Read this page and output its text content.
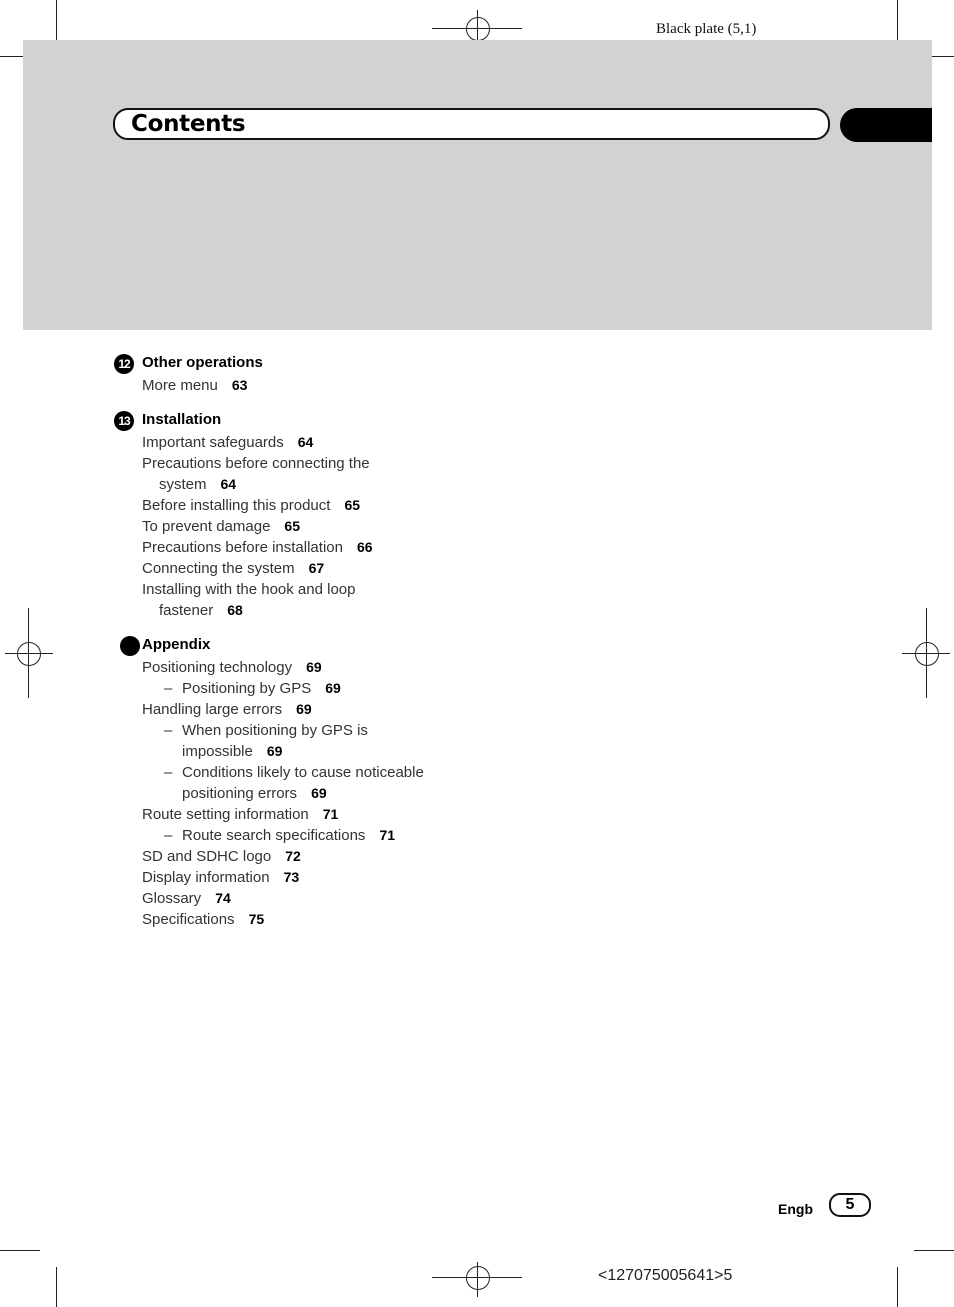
Black plate (5,1)
Contents
12 Other operations
More menu 63
13 Installation
Important safeguards 64
Precautions before connecting the
system 64
Before installing this product 65
To prevent damage 65
Precautions before installation 66
Connecting the system 67
Installing with the hook and loop
fastener 68
Appendix
Positioning technology 69
– Positioning by GPS 69
Handling large errors 69
– When positioning by GPS is
impossible 69
– Conditions likely to cause noticeable
positioning errors 69
Route setting information 71
– Route search specifications 71
SD and SDHC logo 72
Display information 73
Glossary 74
Specifications 75
Engb	5
<127075005641>5
